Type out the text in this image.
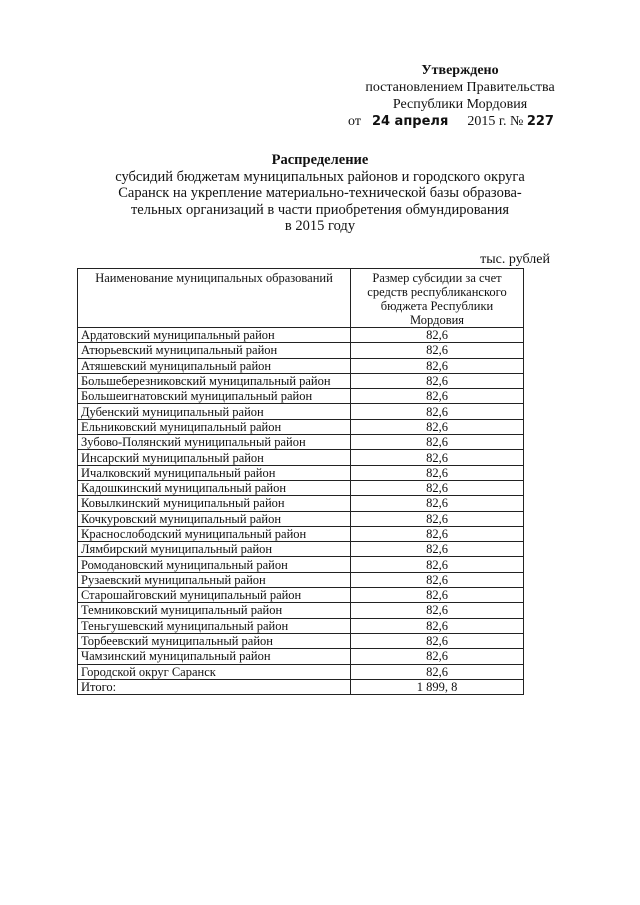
Утверждено
постановлением Правительства
Республики Мордовия
от 24 апреля 2015 г. № 227
Распределение
субсидий бюджетам муниципальных районов и городского округа
Саранск на укрепление материально-технической базы образова-
тельных организаций в части приобретения обмундирования
в 2015 году
тыс. рублей
Наименование муниципальных образований	Размер субсидии за счет средств республиканского бюджета Республики Мордовия
Ардатовский муниципальный район	82,6
Атюрьевский муниципальный район	82,6
Атяшевский муниципальный район	82,6
Большеберезниковский муниципальный район	82,6
Большеигнатовский муниципальный район	82,6
Дубенский муниципальный район	82,6
Ельниковский муниципальный район	82,6
Зубово-Полянский муниципальный район	82,6
Инсарский муниципальный район	82,6
Ичалковский муниципальный район	82,6
Кадошкинский муниципальный район	82,6
Ковылкинский муниципальный район	82,6
Кочкуровский муниципальный район	82,6
Краснослободский муниципальный район	82,6
Лямбирский муниципальный район	82,6
Ромодановский муниципальный район	82,6
Рузаевский муниципальный район	82,6
Старошайговский муниципальный район	82,6
Темниковский муниципальный район	82,6
Теньгушевский муниципальный район	82,6
Торбеевский муниципальный район	82,6
Чамзинский муниципальный район	82,6
Городской округ Саранск	82,6
Итого:	1 899, 8
